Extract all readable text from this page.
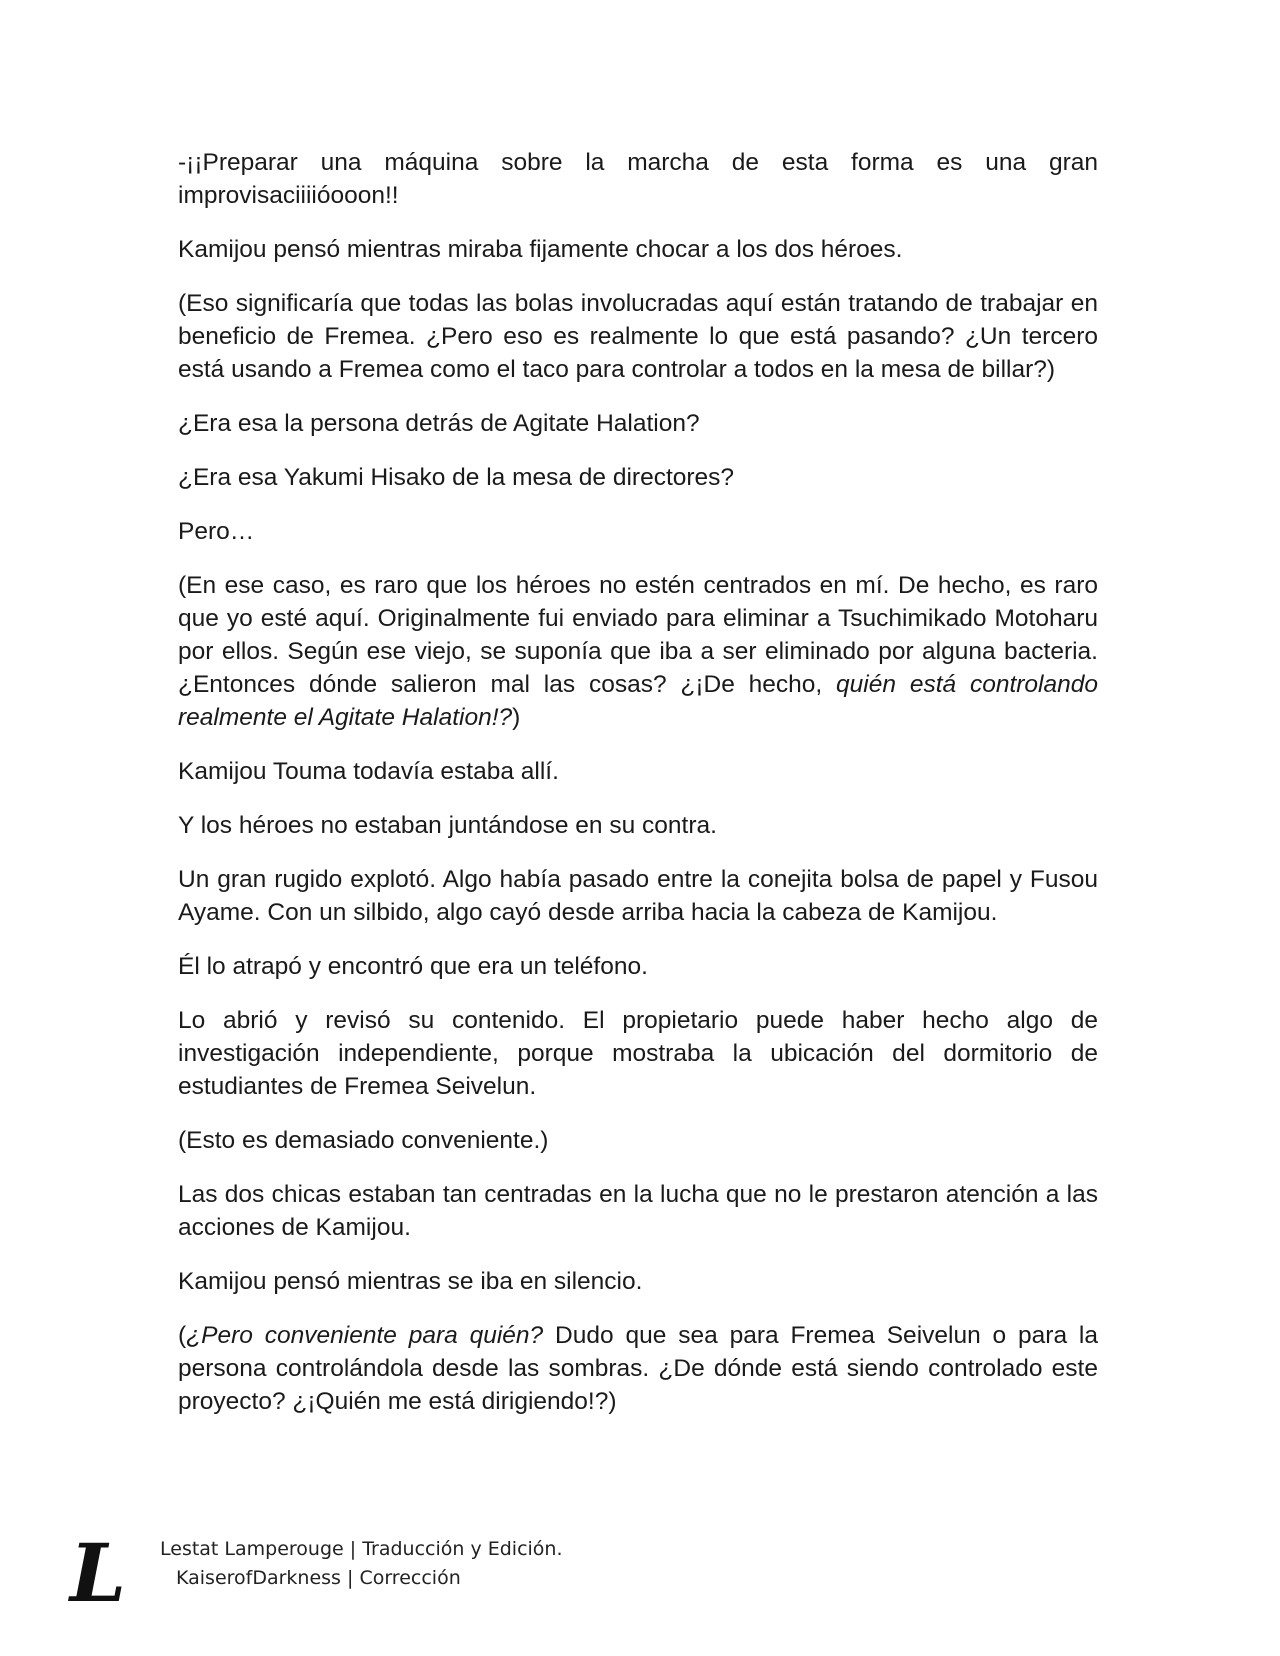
-¡¡Preparar una máquina sobre la marcha de esta forma es una gran improvisaciiiióooon!!

Kamijou pensó mientras miraba fijamente chocar a los dos héroes.

(Eso significaría que todas las bolas involucradas aquí están tratando de trabajar en beneficio de Fremea. ¿Pero eso es realmente lo que está pasando? ¿Un tercero está usando a Fremea como el taco para controlar a todos en la mesa de billar?)

¿Era esa la persona detrás de Agitate Halation?

¿Era esa Yakumi Hisako de la mesa de directores?

Pero…

(En ese caso, es raro que los héroes no estén centrados en mí. De hecho, es raro que yo esté aquí. Originalmente fui enviado para eliminar a Tsuchimikado Motoharu por ellos. Según ese viejo, se suponía que iba a ser eliminado por alguna bacteria. ¿Entonces dónde salieron mal las cosas? ¿¡De hecho, quién está controlando realmente el Agitate Halation!?)

Kamijou Touma todavía estaba allí.

Y los héroes no estaban juntándose en su contra.

Un gran rugido explotó. Algo había pasado entre la conejita bolsa de papel y Fusou Ayame. Con un silbido, algo cayó desde arriba hacia la cabeza de Kamijou.

Él lo atrapó y encontró que era un teléfono.

Lo abrió y revisó su contenido. El propietario puede haber hecho algo de investigación independiente, porque mostraba la ubicación del dormitorio de estudiantes de Fremea Seivelun.

(Esto es demasiado conveniente.)

Las dos chicas estaban tan centradas en la lucha que no le prestaron atención a las acciones de Kamijou.

Kamijou pensó mientras se iba en silencio.

(¿Pero conveniente para quién? Dudo que sea para Fremea Seivelun o para la persona controlándola desde las sombras. ¿De dónde está siendo controlado este proyecto? ¿¡Quién me está dirigiendo!?)

L Lestat Lamperouge | Traducción y Edición.
KaiserofDarkness | Corrección
